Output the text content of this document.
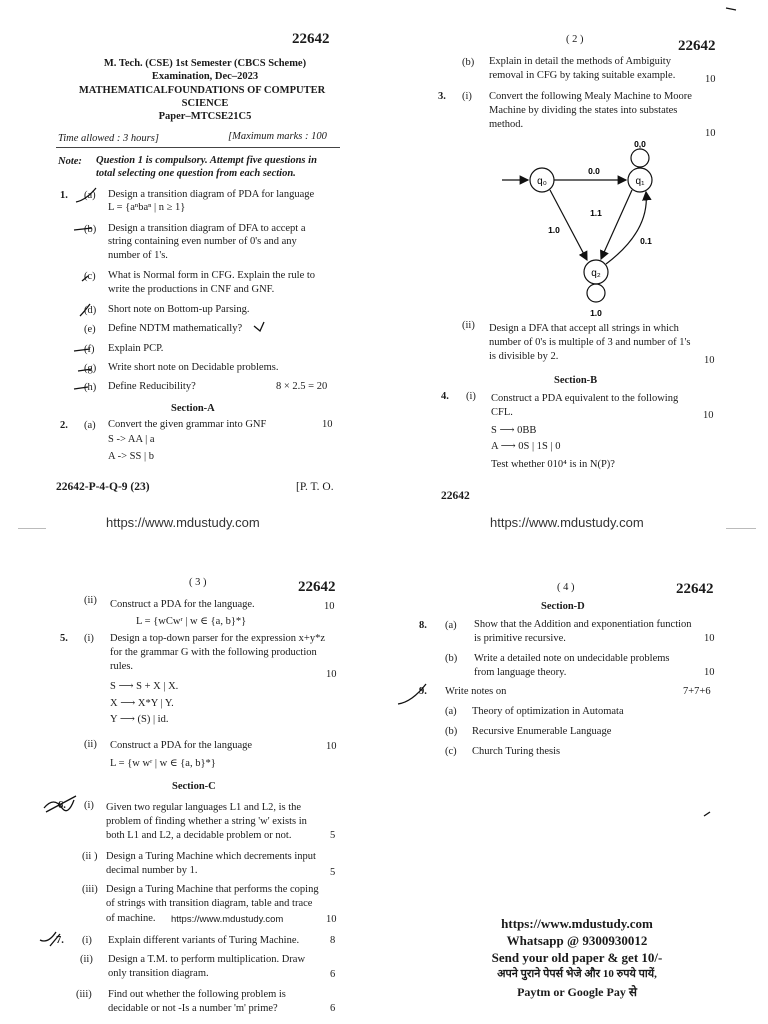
22642
M. Tech. (CSE) 1st Semester (CBCS Scheme)
Examination, Dec–2023
MATHEMATICALFOUNDATIONS OF COMPUTER
SCIENCE
Paper–MTCSE21C5
Time allowed : 3 hours]	[Maximum marks : 100
Note: Question 1 is compulsory. Attempt five questions in
total selecting one question from each section.
1. (a) Design a transition diagram of PDA for language
L = {aⁿbaⁿ | n ≥ 1}
(b) Design a transition diagram of DFA to accept a
string containing even number of 0's and any
number of 1's.
(c) What is Normal form in CFG. Explain the rule to
write the productions in CNF and GNF.
(d) Short note on Bottom-up Parsing.
(e) Define NDTM mathematically?
(f) Explain PCP.
(g) Write short note on Decidable problems.
(h) Define Reducibility?	8 × 2.5 = 20
Section-A
2. (a) Convert the given grammar into GNF	10
S -> AA | a
A -> SS | b
22642-P-4-Q-9 (23)	[P. T. O.
https://www.mdustudy.com
( 2 )	22642
(b) Explain in detail the methods of Ambiguity
removal in CFG by taking suitable example.	10
3. (i) Convert the following Mealy Machine to Moore
Machine by dividing the states into substates
method.
10
q₀	q₁
q₂
0,0
1.0
0.0
1.0
1.1
0.1
(ii) Design a DFA that accept all strings in which
number of 0's is multiple of 3 and number of 1's
is divisible by 2.	10
Section-B
4. (i) Construct a PDA equivalent to the following
CFL.	10
S ⟶ 0BB
A ⟶ 0S | 1S | 0
Test whether 010⁴ is in N(P)?
22642
https://www.mdustudy.com
( 3 )	22642
(ii) Construct a PDA for the language.	10
L = {wCwʳ | w ∈ {a, b}*}
5. (i) Design a top-down parser for the expression x+y*z
for the grammar G with the following production
rules.
10
S ⟶ S + X | X.
X ⟶ X*Y | Y.
Y ⟶ (S) | id.
(ii) Construct a PDA for the language	10
L = {w wʳ | w ∈ {a, b}*}
Section-C
6. (i) Given two regular languages L1 and L2, is the
problem of finding whether a string 'w' exists in
both L1 and L2, a decidable problem or not.	5
(ii ) Design a Turing Machine which decrements input
decimal number by 1.	5
(iii) Design a Turing Machine that performs the coping
of strings with transition diagram, table and trace
of machine. https://www.mdustudy.com	10
7. (i) Explain different variants of Turing Machine.	8
(ii) Design a T.M. to perform multiplication. Draw
only transition diagram.	6
(iii) Find out whether the following problem is
decidable or not -Is a number 'm' prime?	6
( 4 )	22642
Section-D
8. (a) Show that the Addition and exponentiation function
is primitive recursive.	10
(b) Write a detailed note on undecidable problems
from language theory.	10
9. Write notes on	7+7+6
(a) Theory of optimization in Automata
(b) Recursive Enumerable Language
(c) Church Turing thesis
https://www.mdustudy.com
Whatsapp @ 9300930012
Send your old paper & get 10/-
अपने पुराने पेपर्स भेजे और 10 रुपये पायें,
Paytm or Google Pay से
